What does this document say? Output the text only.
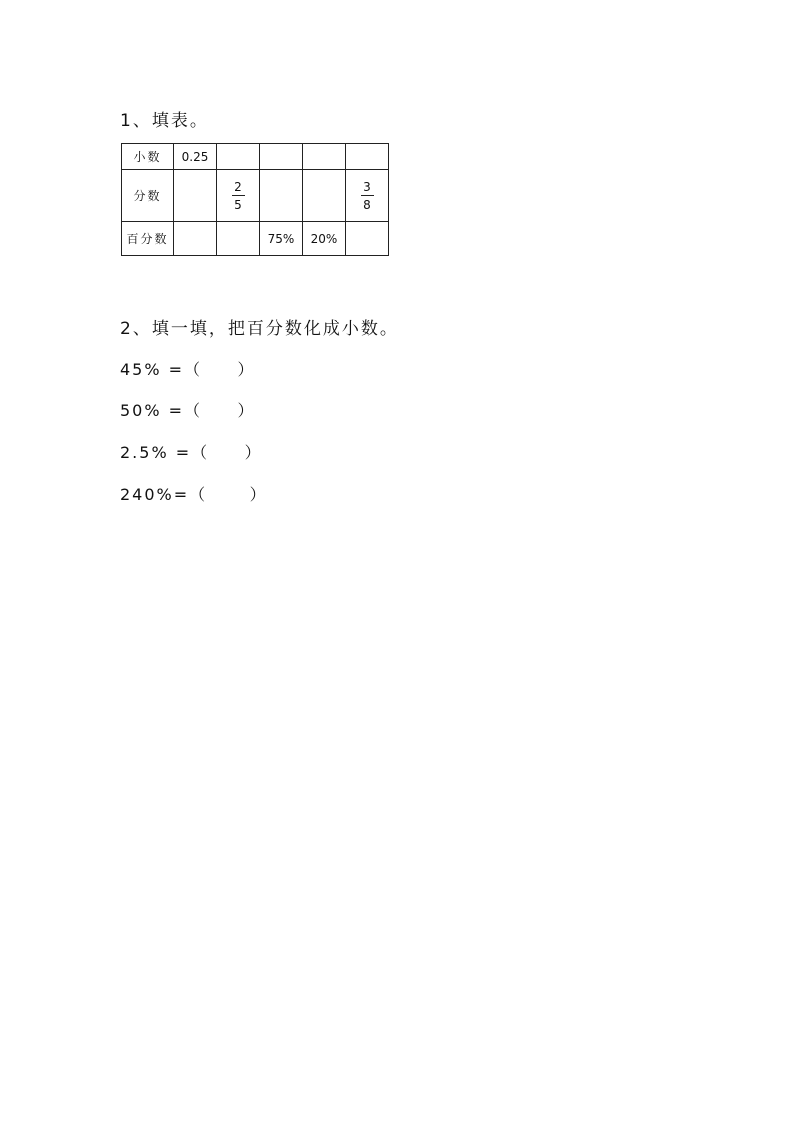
1、填表。
小数	0.25				
分数		$\frac{2}{5}$			$\frac{3}{8}$

百分数			75%	20%	
2、填一填，把百分数化成小数。
45% =（     ）
50% =（     ）
2.5% =（     ）
240%=（      ）
